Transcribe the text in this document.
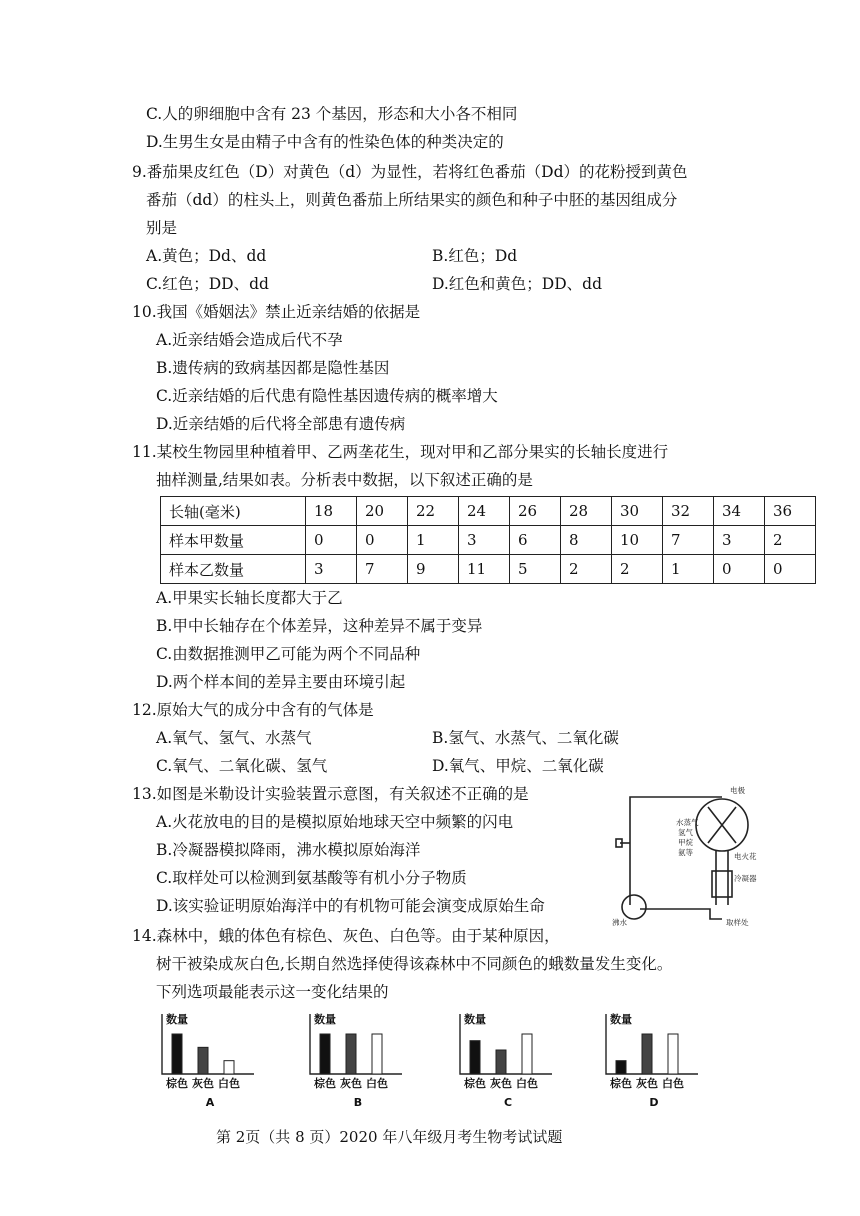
C.人的卵细胞中含有 23 个基因，形态和大小各不相同
D.生男生女是由精子中含有的性染色体的种类决定的
9.番茄果皮红色（D）对黄色（d）为显性，若将红色番茄（Dd）的花粉授到黄色
番茄（dd）的柱头上，则黄色番茄上所结果实的颜色和种子中胚的基因组成分
别是
A.黄色；Dd、dd	B.红色；Dd
C.红色；DD、dd	D.红色和黄色；DD、dd
10.我国《婚姻法》禁止近亲结婚的依据是
A.近亲结婚会造成后代不孕
B.遗传病的致病基因都是隐性基因
C.近亲结婚的后代患有隐性基因遗传病的概率增大
D.近亲结婚的后代将全部患有遗传病
11.某校生物园里种植着甲、乙两垄花生，现对甲和乙部分果实的长轴长度进行
抽样测量,结果如表。分析表中数据，以下叙述正确的是
长轴(毫米)	18	20	22	24	26	28	30	32	34	36
样本甲数量	0	0	1	3	6	8	10	7	3	2
样本乙数量	3	7	9	11	5	2	2	1	0	0
A.甲果实长轴长度都大于乙
B.甲中长轴存在个体差异，这种差异不属于变异
C.由数据推测甲乙可能为两个不同品种
D.两个样本间的差异主要由环境引起
12.原始大气的成分中含有的气体是
A.氧气、氢气、水蒸气	B.氢气、水蒸气、二氧化碳
C.氧气、二氧化碳、氢气	D.氧气、甲烷、二氧化碳
13.如图是米勒设计实验装置示意图，有关叙述不正确的是
A.火花放电的目的是模拟原始地球天空中频繁的闪电
B.冷凝器模拟降雨，沸水模拟原始海洋
C.取样处可以检测到氨基酸等有机小分子物质
D.该实验证明原始海洋中的有机物可能会演变成原始生命
电极
水蒸气
氢气
甲烷
氨等	电火花
冷凝器
沸水	取样处
14.森林中，蛾的体色有棕色、灰色、白色等。由于某种原因，
树干被染成灰白色,长期自然选择使得该森林中不同颜色的蛾数量发生变化。
下列选项最能表示这一变化结果的
数量
棕色 灰色 白色
A
数量
棕色 灰色 白色
B
数量
棕色 灰色 白色
C
数量
棕色 灰色 白色
D
第 2页（共 8 页）2020 年八年级月考生物考试试题
